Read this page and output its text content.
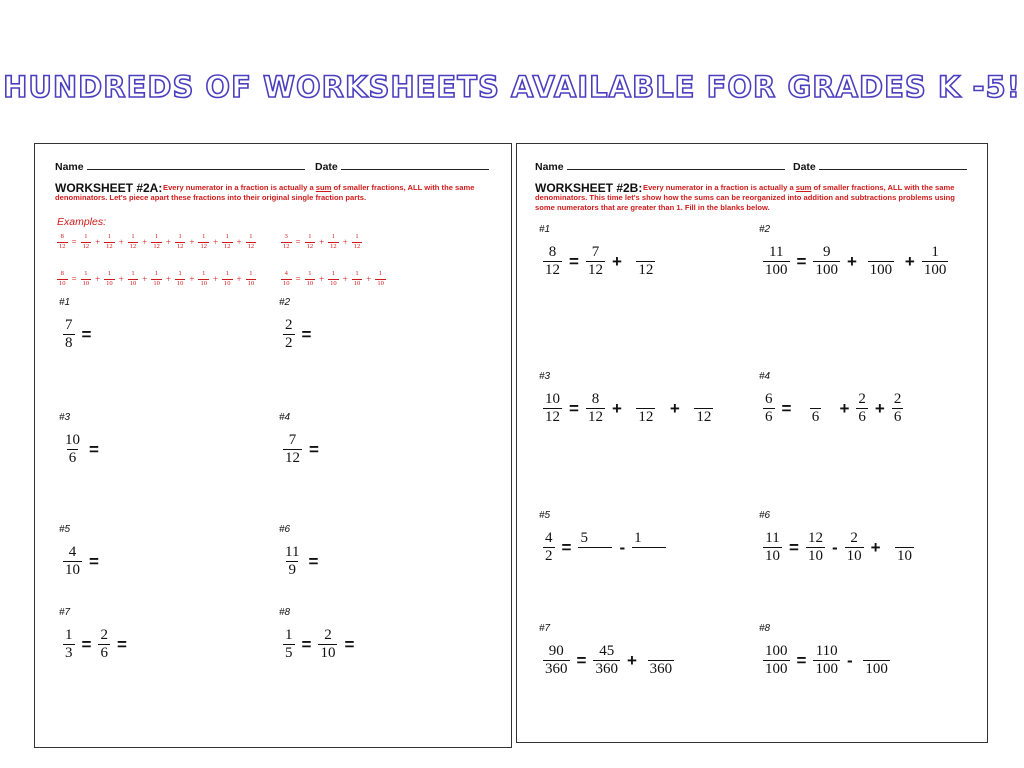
HUNDREDS OF WORKSHEETS AVAILABLE FOR GRADES K -5!
Name	Date
WORKSHEET #2A: Every numerator in a fraction is actually a sum of smaller fractions, ALL with the same denominators. Let's piece apart these fractions into their original single fraction parts.
Examples:
$\frac{8}{12} = \frac{1}{12} + \frac{1}{12} + \frac{1}{12} + \frac{1}{12} + \frac{1}{12} + \frac{1}{12} + \frac{1}{12} + \frac{1}{12}$	$\frac{3}{12} = \frac{1}{12} + \frac{1}{12} + \frac{1}{12}$
$\frac{8}{10} = \frac{1}{10} + \frac{1}{10} + \frac{1}{10} + \frac{1}{10} + \frac{1}{10} + \frac{1}{10} + \frac{1}{10} + \frac{1}{10}$	$\frac{4}{10} = \frac{1}{10} + \frac{1}{10} + \frac{1}{10} + \frac{1}{10}$
#1
$\frac{7}{8}$ =
#2
$\frac{2}{2}$ =
#3
$\frac{10}{6}$ =
#4
$\frac{7}{12}$ =
#5
$\frac{4}{10}$ =
#6
$\frac{11}{9}$ =
#7
$\frac{1}{3} = \frac{2}{6}$ =
#8
$\frac{1}{5} = \frac{2}{10}$ =
Name	Date
WORKSHEET #2B: Every numerator in a fraction is actually a sum of smaller fractions, ALL with the same denominators. This time let's show how the sums can be reorganized into addition and subtractions problems using some numerators that are greater than 1. Fill in the blanks below.
#1
$\frac{8}{12} = \frac{7}{12}$ +
12
#2
$\frac{11}{100} = \frac{9}{100}$ +
$100 + \frac{1}{100}$
#3
$\frac{10}{12} = \frac{8}{12}$ +
12 +
12
#4
$\frac{6}{6}$ =
$6 + \frac{2}{6} + \frac{2}{6}$
#5
$\frac{4}{2} = 5$
	- 1

#6
$\frac{11}{10} = \frac{12}{10} - \frac{2}{10}$ +
10
#7
$\frac{90}{360} = \frac{45}{360}$ +
360
#8
$\frac{100}{100} = \frac{110}{100}$ -
100
